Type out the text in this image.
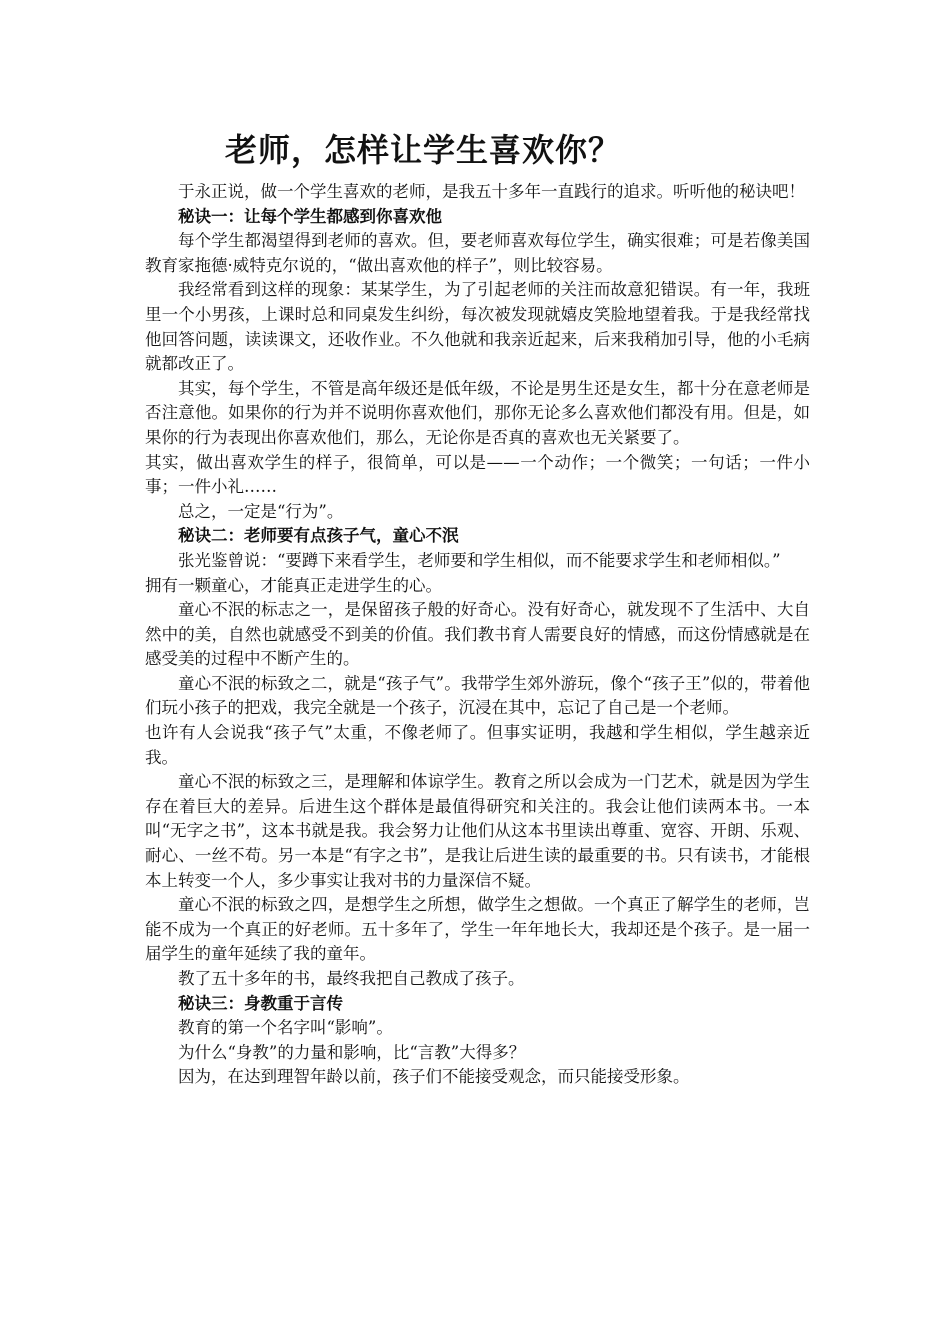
老师，怎样让学生喜欢你？

于永正说，做一个学生喜欢的老师，是我五十多年一直践行的追求。听听他的秘诀吧！

秘诀一：让每个学生都感到你喜欢他

每个学生都渴望得到老师的喜欢。但，要老师喜欢每位学生，确实很难；可是若像美国教育家拖德·威特克尔说的，“做出喜欢他的样子”，则比较容易。

我经常看到这样的现象：某某学生，为了引起老师的关注而故意犯错误。有一年，我班里一个小男孩，上课时总和同桌发生纠纷，每次被发现就嬉皮笑脸地望着我。于是我经常找他回答问题，读读课文，还收作业。不久他就和我亲近起来，后来我稍加引导，他的小毛病就都改正了。

其实，每个学生，不管是高年级还是低年级，不论是男生还是女生，都十分在意老师是否注意他。如果你的行为并不说明你喜欢他们，那你无论多么喜欢他们都没有用。但是，如果你的行为表现出你喜欢他们，那么，无论你是否真的喜欢也无关紧要了。

其实，做出喜欢学生的样子，很简单，可以是——一个动作；一个微笑；一句话；一件小事；一件小礼……

总之，一定是“行为”。

秘诀二：老师要有点孩子气，童心不泯

张光鉴曾说：“要蹲下来看学生，老师要和学生相似，而不能要求学生和老师相似。”

拥有一颗童心，才能真正走进学生的心。

童心不泯的标志之一，是保留孩子般的好奇心。没有好奇心，就发现不了生活中、大自然中的美，自然也就感受不到美的价值。我们教书育人需要良好的情感，而这份情感就是在感受美的过程中不断产生的。

童心不泯的标致之二，就是“孩子气”。我带学生郊外游玩，像个“孩子王”似的，带着他们玩小孩子的把戏，我完全就是一个孩子，沉浸在其中，忘记了自己是一个老师。

也许有人会说我“孩子气”太重，不像老师了。但事实证明，我越和学生相似，学生越亲近我。

童心不泯的标致之三，是理解和体谅学生。教育之所以会成为一门艺术，就是因为学生存在着巨大的差异。后进生这个群体是最值得研究和关注的。我会让他们读两本书。一本叫“无字之书”，这本书就是我。我会努力让他们从这本书里读出尊重、宽容、开朗、乐观、耐心、一丝不苟。另一本是“有字之书”，是我让后进生读的最重要的书。只有读书，才能根本上转变一个人，多少事实让我对书的力量深信不疑。

童心不泯的标致之四，是想学生之所想，做学生之想做。一个真正了解学生的老师，岂能不成为一个真正的好老师。五十多年了，学生一年年地长大，我却还是个孩子。是一届一届学生的童年延续了我的童年。

教了五十多年的书，最终我把自己教成了孩子。

秘诀三：身教重于言传

教育的第一个名字叫“影响”。

为什么“身教”的力量和影响，比“言教”大得多？

因为，在达到理智年龄以前，孩子们不能接受观念，而只能接受形象。
